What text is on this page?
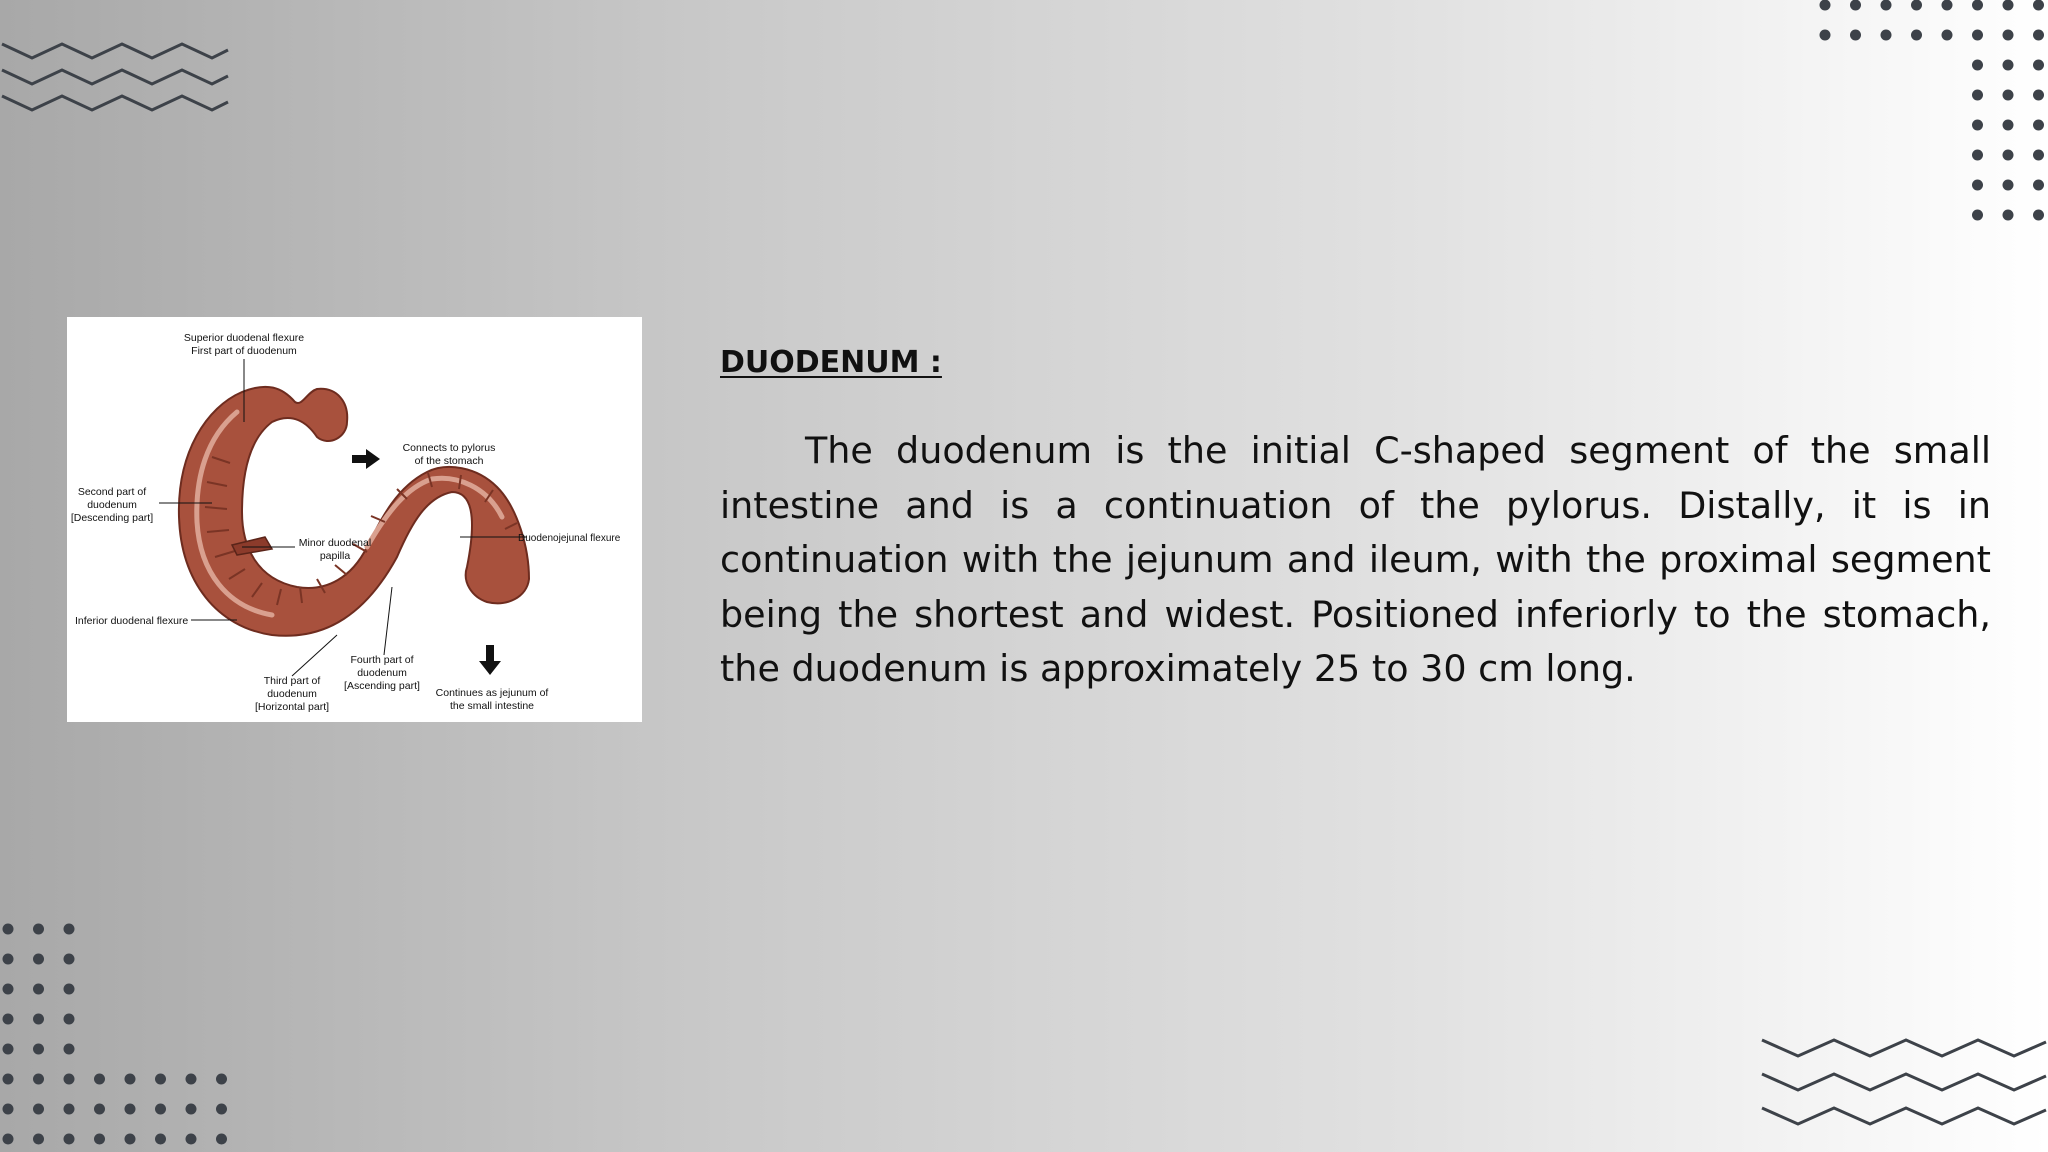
Superior duodenal flexure
First part of duodenum
Connects to pylorus
of the stomach
Second part of
duodenum
[Descending part]
Minor duodenal
papilla
Duodenojejunal flexure
Inferior duodenal flexure
Fourth part of
duodenum
[Ascending part]
Third part of
duodenum
[Horizontal part]
Continues as jejunum of
the small intestine
DUODENUM :

The duodenum is the initial C-shaped segment of the small intestine and is a continuation of the pylorus. Distally, it is in continuation with the jejunum and ileum, with the proximal segment being the shortest and widest. Positioned inferiorly to the stomach, the duodenum is approximately 25 to 30 cm long.
